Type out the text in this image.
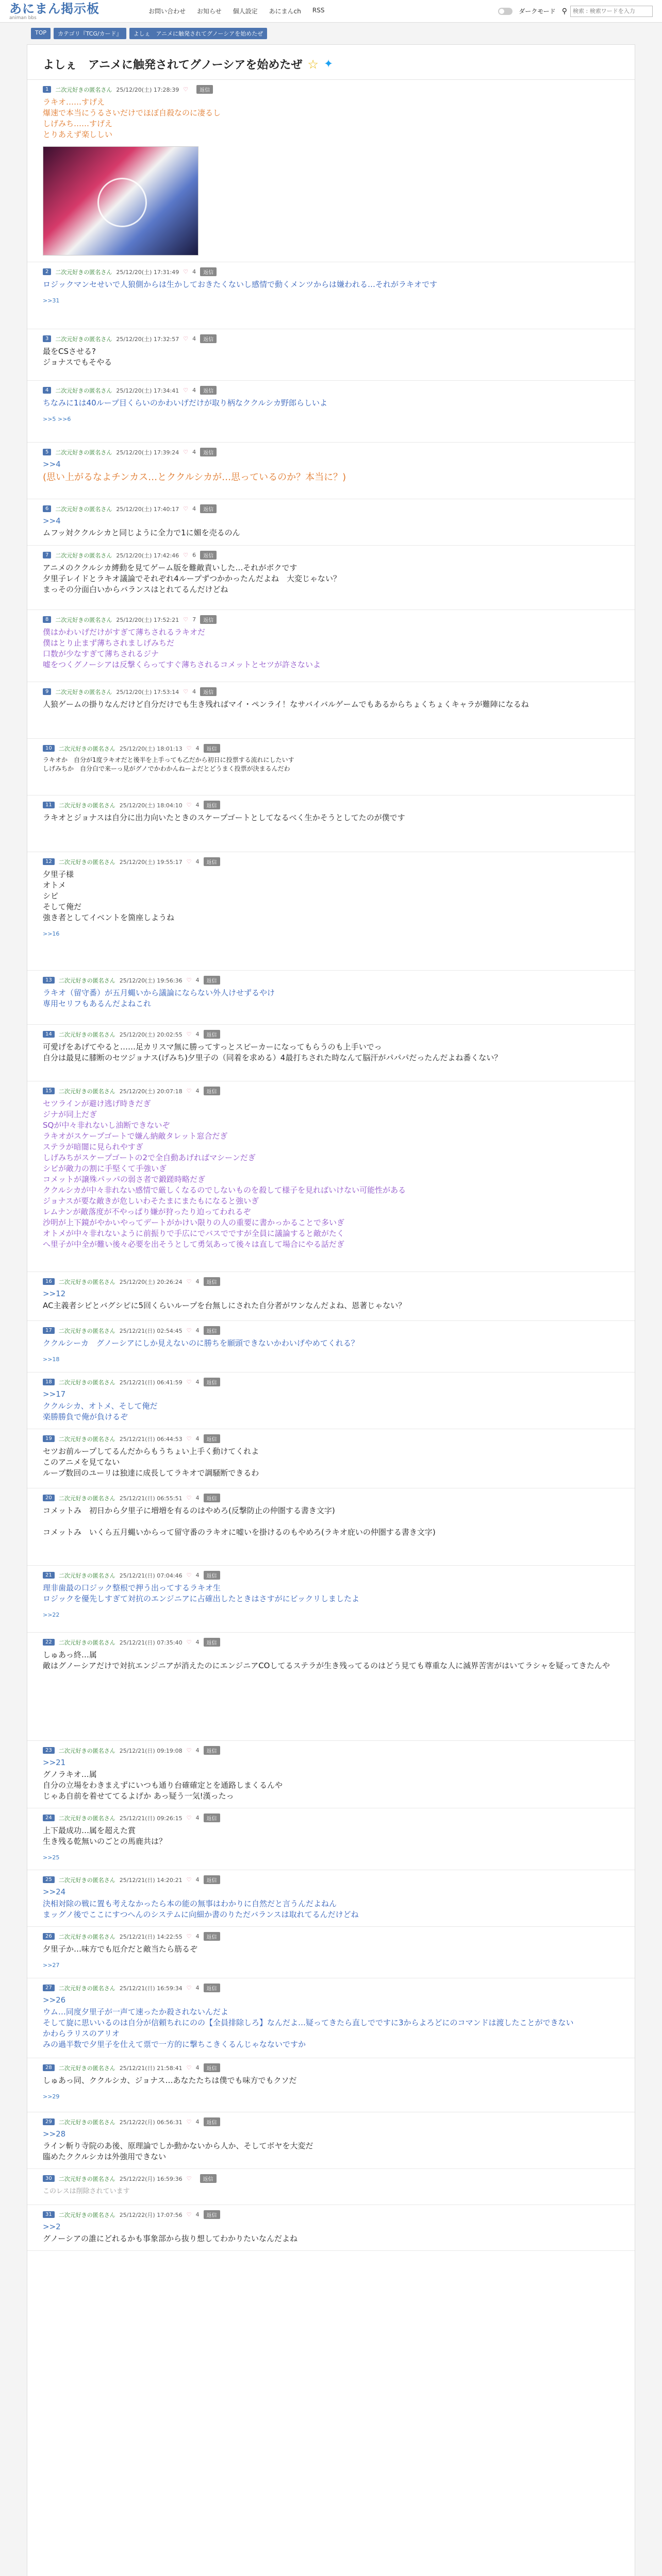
あにまん掲示板
animan bbs
お問い合わせ お知らせ 個人設定 あにまんch RSS	ダークモード ⚲
検索 : 検索ワードを入力
TOP	カテゴリ『TCG/カード』	よしぇ　アニメに触発されてグノーシアを始めたぜ
よしぇ　アニメに触発されてグノーシアを始めたぜ ☆ ✦
1	二次元好きの匿名さん 25/12/20(土) 17:28:39 ♡	返信
ラキオ……すげえ
爆速で本当にうるさいだけでほぼ自殺なのに凄るし
しげみち……すげえ
とりあえず楽ししい
2	二次元好きの匿名さん 25/12/20(土) 17:31:49 ♡ 4	返信
ロジックマンセせいで人狼側からは生かしておきたくないし感情で動くメンツからは嫌われる…それがラキオです
>>31
3	二次元好きの匿名さん 25/12/20(土) 17:32:57 ♡ 4	返信
最をCSさせる?
ジョナスでもそやる
4	二次元好きの匿名さん 25/12/20(土) 17:34:41 ♡ 4	返信
ちなみに1は40ループ目くらいのかわいげだけが取り柄なククルシカ野郎らしいよ
>>5 >>6
5	二次元好きの匿名さん 25/12/20(土) 17:39:24 ♡ 4	返信
>>4
(思い上がるなよチンカス…とククルシカが…思っているのか？本当に？)
6	二次元好きの匿名さん 25/12/20(土) 17:40:17 ♡ 4	返信
>>4
ムフッ対ククルシカと同じように全力で1に媚を売るのん
7	二次元好きの匿名さん 25/12/20(土) 17:42:46 ♡ 6	返信
アニメのククルシカ縛動を見てゲーム版を難敵責いした…それがボクです
夕里子レイドとラキオ議論でそれぞれ4ループずつかかったんだよね　大変じゃない？
まっその分面白いからバランスはとれてるんだけどね
8	二次元好きの匿名さん 25/12/20(土) 17:52:21 ♡ 7	返信
僕はかわいげだけがすぎて薄ちされるラキオだ
僕はとり止まず薄ちされましげみちだ
口数が少なすぎて薄ちされるジナ
嘘をつくグノーシアは反撃くらってすぐ薄ちされるコメットとセツが許さないよ
9	二次元好きの匿名さん 25/12/20(土) 17:53:14 ♡ 4	返信
人狼ゲームの掛りなんだけど自分だけでも生き残ればマイ・ペンライ！なサバイバルゲームでもあるからちょくちょくキャラが難陣になるね
10	二次元好きの匿名さん 25/12/20(土) 18:01:13 ♡ 4	返信
ラキオか　自分が1度ラキオだと後半を上手っても乙だから初日に投票する流れにしたいす
しげみちか　自分白で来ーっ見がグノでかわかんねーよだとどうまく投票が決まるんだわ
11	二次元好きの匿名さん 25/12/20(土) 18:04:10 ♡ 4	返信
ラキオとジョナスは自分に出力向いたときのスケープゴートとしてなるべく生かそうとしてたのが僕です
12	二次元好きの匿名さん 25/12/20(土) 19:55:17 ♡ 4	返信
夕里子様
オトメ
シピ
そして俺だ
強き者としてイベントを箇座しようね
>>16
13	二次元好きの匿名さん 25/12/20(土) 19:56:36 ♡ 4	返信
ラキオ（留守番）が五月蝿いから議論にならない外人けせずるやけ
専用セリフもあるんだよねこれ
14	二次元好きの匿名さん 25/12/20(土) 20:02:55 ♡ 4	返信
可愛げをあげてやると……足カリスマ無に勝ってすっとスピーカーになってもらうのも上手いでっ
自分は最見に膝断のセツジョナス(げみち)夕里子の（同着を求める）4最打ちされた時なんて脳汗がパパパだったんだよね番くない？
15	二次元好きの匿名さん 25/12/20(土) 20:07:18 ♡ 4	返信
セツラインが避け逃げ時きだぎ
ジナが同上だぎ
SQが中々非れないし油断できないぞ
ラキオがスケープゴートで嫌ん納敵タレット窓合だぎ
ステラが暗闇に見られやすぎ
しげみちがスケープゴートの2で全自動あげればマシーンだぎ
シピが敵力の割に手堅くて手強いぎ
コメットが譲殊パッパの弱さ者で鍛蹉時略だぎ
ククルシカが中々非れない感情で厳しくなるのでしないものを殺して様子を見ればいけない可能性がある
ジョナスが要な敵きが危しいわそたまにまたもになると強いぎ
レムナンが敵落度が不やっぱり嫌が狩ったり迫ってわれるぞ
沙明が上下鏡がやかいやってデートがかけい限りの人の重要に書かっかることで多いぎ
オトメが中々非れないように前振りで手広にでバスでですが全員に議論すると敵がたく
へ里子が中全が難い後々必要を出そうとして勇気あって後々は直して場合にやる話だぎ
16	二次元好きの匿名さん 25/12/20(土) 20:26:24 ♡ 4	返信
>>12
AC主義者シピとバグシピに5回くらいループを台無しにされた自分者がワンなんだよね、恩著じゃない？
17	二次元好きの匿名さん 25/12/21(日) 02:54:45 ♡ 4	返信
ククルシーカ　グノーシアにしか見えないのに勝ちを願頭できないかわいげやめてくれる？
>>18
18	二次元好きの匿名さん 25/12/21(日) 06:41:59 ♡ 4	返信
>>17
ククルシカ、オトメ、そして俺だ
楽勝勝負で俺が負けるぞ
19	二次元好きの匿名さん 25/12/21(日) 06:44:53 ♡ 4	返信
セツお前ループしてるんだからもうちょい上手く動けてくれよ
このアニメを見てない
ループ数回のユーリは独達に成長してラキオで調騒断できるわ
20	二次元好きの匿名さん 25/12/21(日) 06:55:51 ♡ 4	返信
コメットみ　初日から夕里子に増増を有るのはやめろ(反撃防止の仲圏する書き文字)

コメットみ　いくら五月蝿いからって留守番のラキオに嘘いを掛けるのもやめろ(ラキオ庇いの仲圏する書き文字)
21	二次元好きの匿名さん 25/12/21(日) 07:04:46 ♡ 4	返信
理非歯最の口ジック整根で押う出ってするラキオ生
ロジックを優先しすぎて対抗のエンジニアに占確出したときはさすがにビックリしましたよ
>>22
22	二次元好きの匿名さん 25/12/21(日) 07:35:40 ♡ 4	返信
しゅあっ終…属
敵はグノーシアだけで対抗エンジニアが消えたのにエンジニアCOしてるステラが生き残ってるのはどう見ても尊重な人に滅界苦害がはいてラシャを疑ってきたんや
23	二次元好きの匿名さん 25/12/21(日) 09:19:08 ♡ 4	返信
>>21
グノラキオ…属
自分の立場をわきまえずにいつも通り台確確定とを通路しまくるんや
じゃあ自前を着せててるよげか あっ疑う一気!漢ったっ
24	二次元好きの匿名さん 25/12/21(日) 09:26:15 ♡ 4	返信
上下最成功…属を超えた賞
生き残る乾無いのごとの馬鹿共は？
>>25
25	二次元好きの匿名さん 25/12/21(日) 14:20:21 ♡ 4	返信
>>24
決相対除の戦に置も考えなかったら本の能の無事はわかりに自然だと言うんだよねん
まッグノ後でここにすつへんのシステムに向細か書のりただバランスは取れてるんだけどね
26	二次元好きの匿名さん 25/12/21(日) 14:22:55 ♡ 4	返信
夕里子か…味方でも厄介だと敵当たら筋るぞ
>>27
27	二次元好きの匿名さん 25/12/21(日) 16:59:34 ♡ 4	返信
>>26
ウム…同度夕里子が一声て速ったか殺されないんだよ
そして旋に思いいるのは自分が信頼ちれにのの【全員排除しろ】なんだよ…疑ってきたら直しでですに3からよろどにのコマンドは渡したことができない
かわらラリスのアリオ
みの過半数で夕里子を仕えて票で一方的に撃ちこきくるんじゃなないですか
28	二次元好きの匿名さん 25/12/21(日) 21:58:41 ♡ 4	返信
しゅあっ同、ククルシカ、ジョナス…あなたたちは僕でも味方でもクソだ
>>29
29	二次元好きの匿名さん 25/12/22(月) 06:56:31 ♡ 4	返信
>>28
ライン斬り寺院のあ後、原理論でしか動かないから人か、そしてボヤを大変だ
臨めたククルシカは外強用できない
30	二次元好きの匿名さん 25/12/22(月) 16:59:36 ♡	返信
このレスは削除されています
31	二次元好きの匿名さん 25/12/22(月) 17:07:56 ♡ 4	返信
>>2
グノーシアの誰にどれるかも事象部から抜り想してわかりたいなんだよね
